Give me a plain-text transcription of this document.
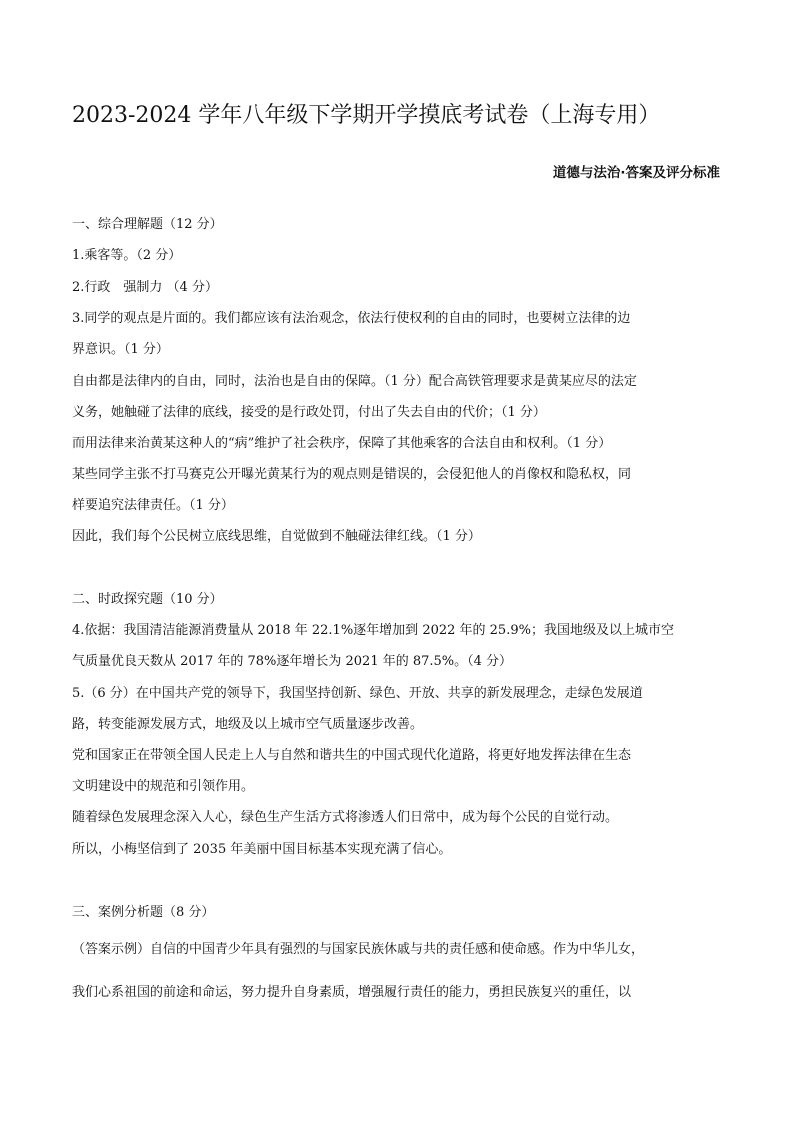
2023-2024 学年八年级下学期开学摸底考试卷（上海专用）
道德与法治·答案及评分标准
一、综合理解题（12 分）
1.乘客等。（2 分）
2.行政　强制力 （4 分）
3.同学的观点是片面的。我们都应该有法治观念，依法行使权利的自由的同时，也要树立法律的边
界意识。（1 分）
自由都是法律内的自由，同时，法治也是自由的保障。（1 分）配合高铁管理要求是黄某应尽的法定
义务，她触碰了法律的底线，接受的是行政处罚，付出了失去自由的代价；（1 分）
而用法律来治黄某这种人的“病”维护了社会秩序，保障了其他乘客的合法自由和权利。（1 分）
某些同学主张不打马赛克公开曝光黄某行为的观点则是错误的，会侵犯他人的肖像权和隐私权，同
样要追究法律责任。（1 分）
因此，我们每个公民树立底线思维，自觉做到不触碰法律红线。（1 分）
二、时政探究题（10 分）
4.依据：我国清洁能源消费量从 2018 年 22.1%逐年增加到 2022 年的 25.9%；我国地级及以上城市空
气质量优良天数从 2017 年的 78%逐年增长为 2021 年的 87.5%。（4 分）
5.（6 分）在中国共产党的领导下，我国坚持创新、绿色、开放、共享的新发展理念，走绿色发展道
路，转变能源发展方式，地级及以上城市空气质量逐步改善。
党和国家正在带领全国人民走上人与自然和谐共生的中国式现代化道路，将更好地发挥法律在生态
文明建设中的规范和引领作用。
随着绿色发展理念深入人心，绿色生产生活方式将渗透人们日常中，成为每个公民的自觉行动。
所以，小梅坚信到了 2035 年美丽中国目标基本实现充满了信心。
三、案例分析题（8 分）
（答案示例）自信的中国青少年具有强烈的与国家民族休戚与共的责任感和使命感。作为中华儿女，
我们心系祖国的前途和命运，努力提升自身素质，增强履行责任的能力，勇担民族复兴的重任，以
